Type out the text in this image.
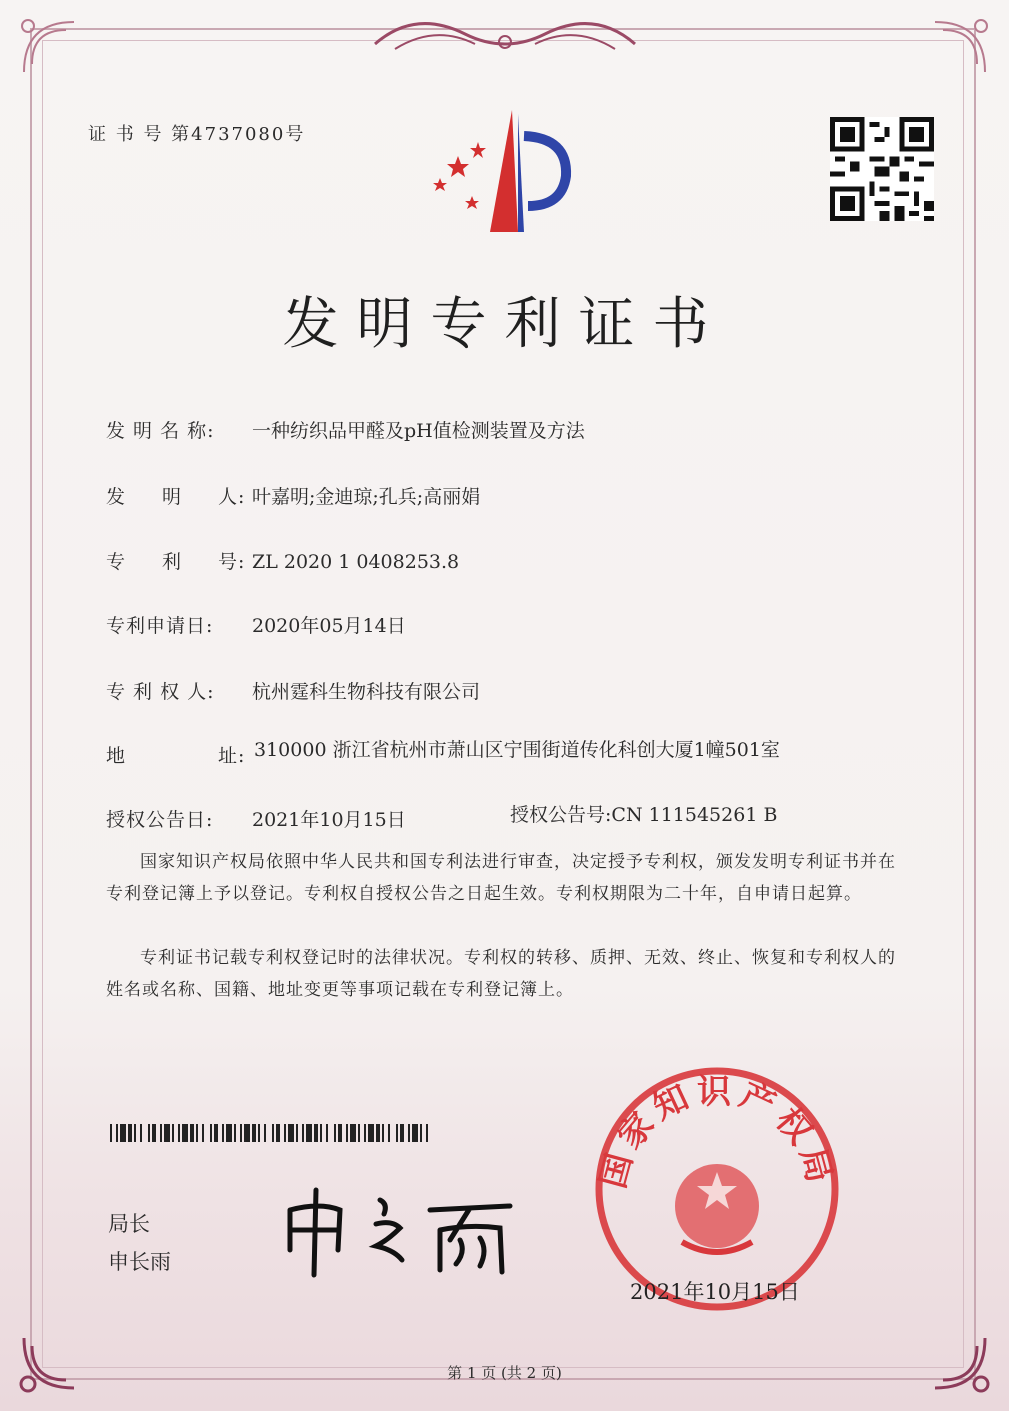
证 书 号 第4737080号
发明专利证书
发 明 名 称: 一种纺织品甲醛及pH值检测装置及方法
发 明 人 : 叶嘉明;金迪琼;孔兵;高丽娟
专 利 号 : ZL 2020 1 0408253.8
专利申请日: 2020年05月14日
专 利 权 人: 杭州霆科生物科技有限公司
地	址 : 310000 浙江省杭州市萧山区宁围街道传化科创大厦1幢501室
授权公告日: 2021年10月15日	授权公告号:CN 111545261 B
国家知识产权局依照中华人民共和国专利法进行审查，决定授予专利权，颁发发明专利证书并在专利登记簿上予以登记。专利权自授权公告之日起生效。专利权期限为二十年，自申请日起算。
专利证书记载专利权登记时的法律状况。专利权的转移、质押、无效、终止、恢复和专利权人的姓名或名称、国籍、地址变更等事项记载在专利登记簿上。
局长
申长雨
国家知识产权局
2021年10月15日
第 1 页 (共 2 页)
